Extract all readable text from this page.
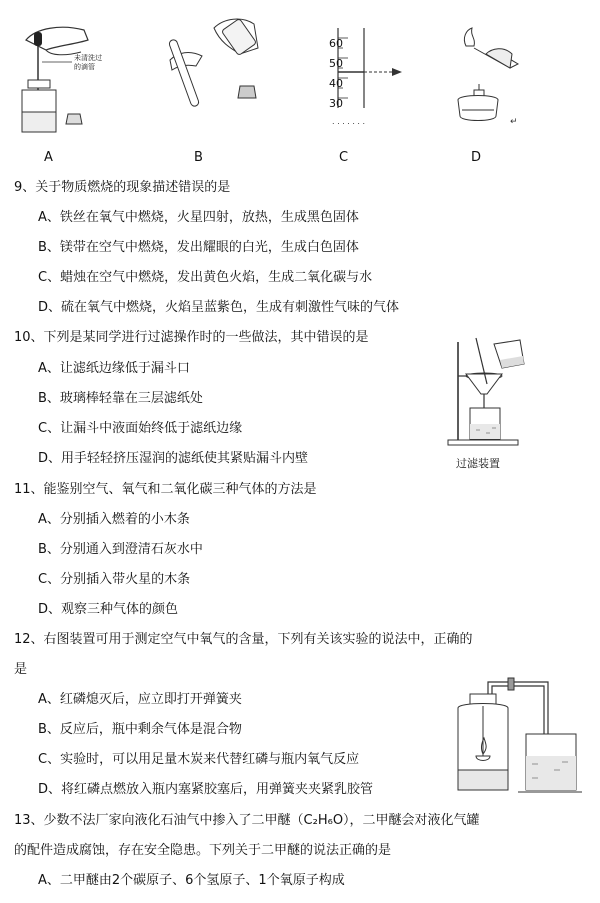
未清洗过
的滴管
. . . . . . .
60
50
40
30
↵
A	B	C	D
9、关于物质燃烧的现象描述错误的是
A、铁丝在氧气中燃烧，火星四射，放热，生成黑色固体
B、镁带在空气中燃烧，发出耀眼的白光，生成白色固体
C、蜡烛在空气中燃烧，发出黄色火焰，生成二氧化碳与水
D、硫在氧气中燃烧，火焰呈蓝紫色，生成有刺激性气味的气体
10、下列是某同学进行过滤操作时的一些做法，其中错误的是
A、让滤纸边缘低于漏斗口
B、玻璃棒轻靠在三层滤纸处
C、让漏斗中液面始终低于滤纸边缘
D、用手轻轻挤压湿润的滤纸使其紧贴漏斗内壁	过滤装置
11、能鉴别空气、氧气和二氧化碳三种气体的方法是
A、分别插入燃着的小木条
B、分别通入到澄清石灰水中
C、分别插入带火星的木条
D、观察三种气体的颜色
12、右图装置可用于测定空气中氧气的含量，下列有关该实验的说法中，正确的
是
A、红磷熄灭后，应立即打开弹簧夹
B、反应后，瓶中剩余气体是混合物
C、实验时，可以用足量木炭来代替红磷与瓶内氧气反应
D、将红磷点燃放入瓶内塞紧胶塞后，用弹簧夹夹紧乳胶管
13、少数不法厂家向液化石油气中掺入了二甲醚（C₂H₆O），二甲醚会对液化气罐
的配件造成腐蚀，存在安全隐患。下列关于二甲醚的说法正确的是
A、二甲醚由2个碳原子、6个氢原子、1个氧原子构成
